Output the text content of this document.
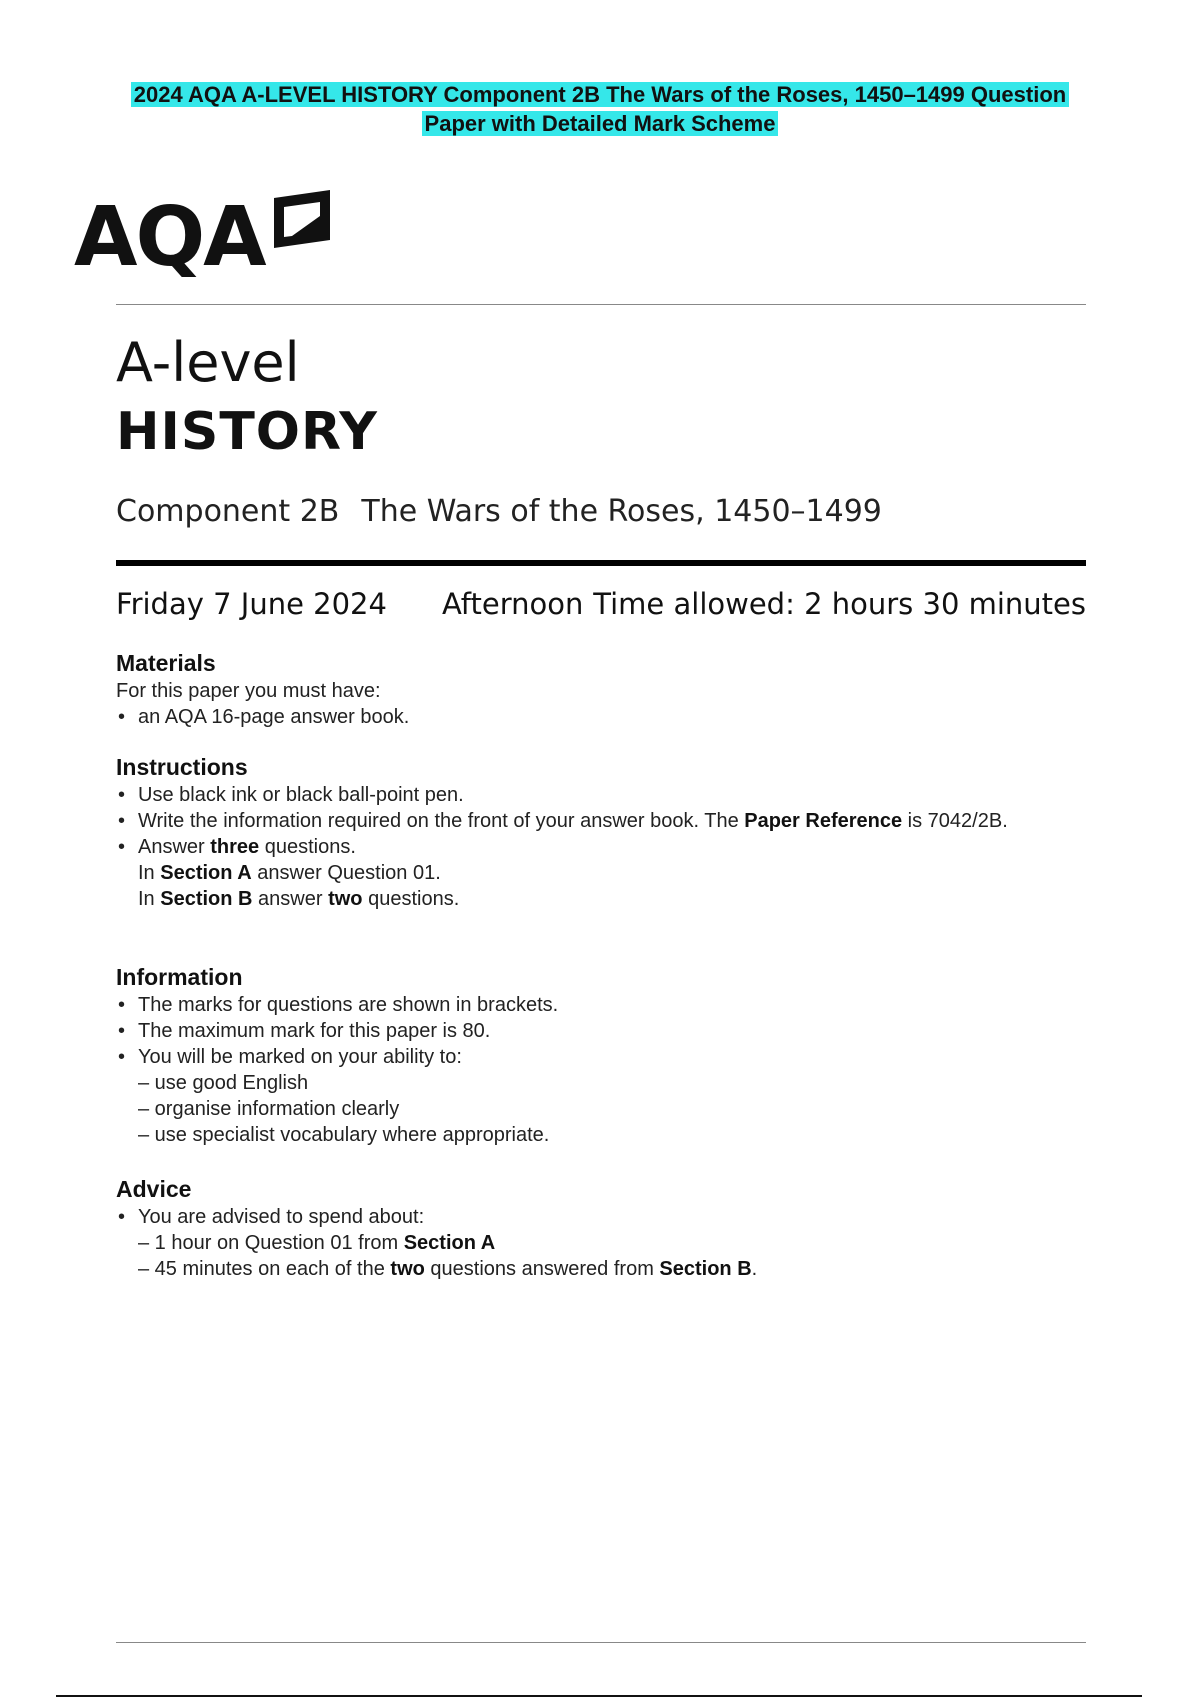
2024 AQA A-LEVEL HISTORY Component 2B The Wars of the Roses, 1450–1499 Question
Paper with Detailed Mark Scheme
AQA
A-level
HISTORY
Component 2B The Wars of the Roses, 1450–1499
Friday 7 June 2024 Afternoon Time allowed: 2 hours 30 minutes
Materials

For this paper you must have:

• an AQA 16-page answer book.

Instructions

• Use black ink or black ball-point pen.

• Write the information required on the front of your answer book. The Paper Reference is 7042/2B.

• Answer three questions.

In Section A answer Question 01.

In Section B answer two questions.

Information

• The marks for questions are shown in brackets.

• The maximum mark for this paper is 80.

• You will be marked on your ability to:

– use good English

– organise information clearly

– use specialist vocabulary where appropriate.

Advice

• You are advised to spend about:

– 1 hour on Question 01 from Section A

– 45 minutes on each of the two questions answered from Section B.
